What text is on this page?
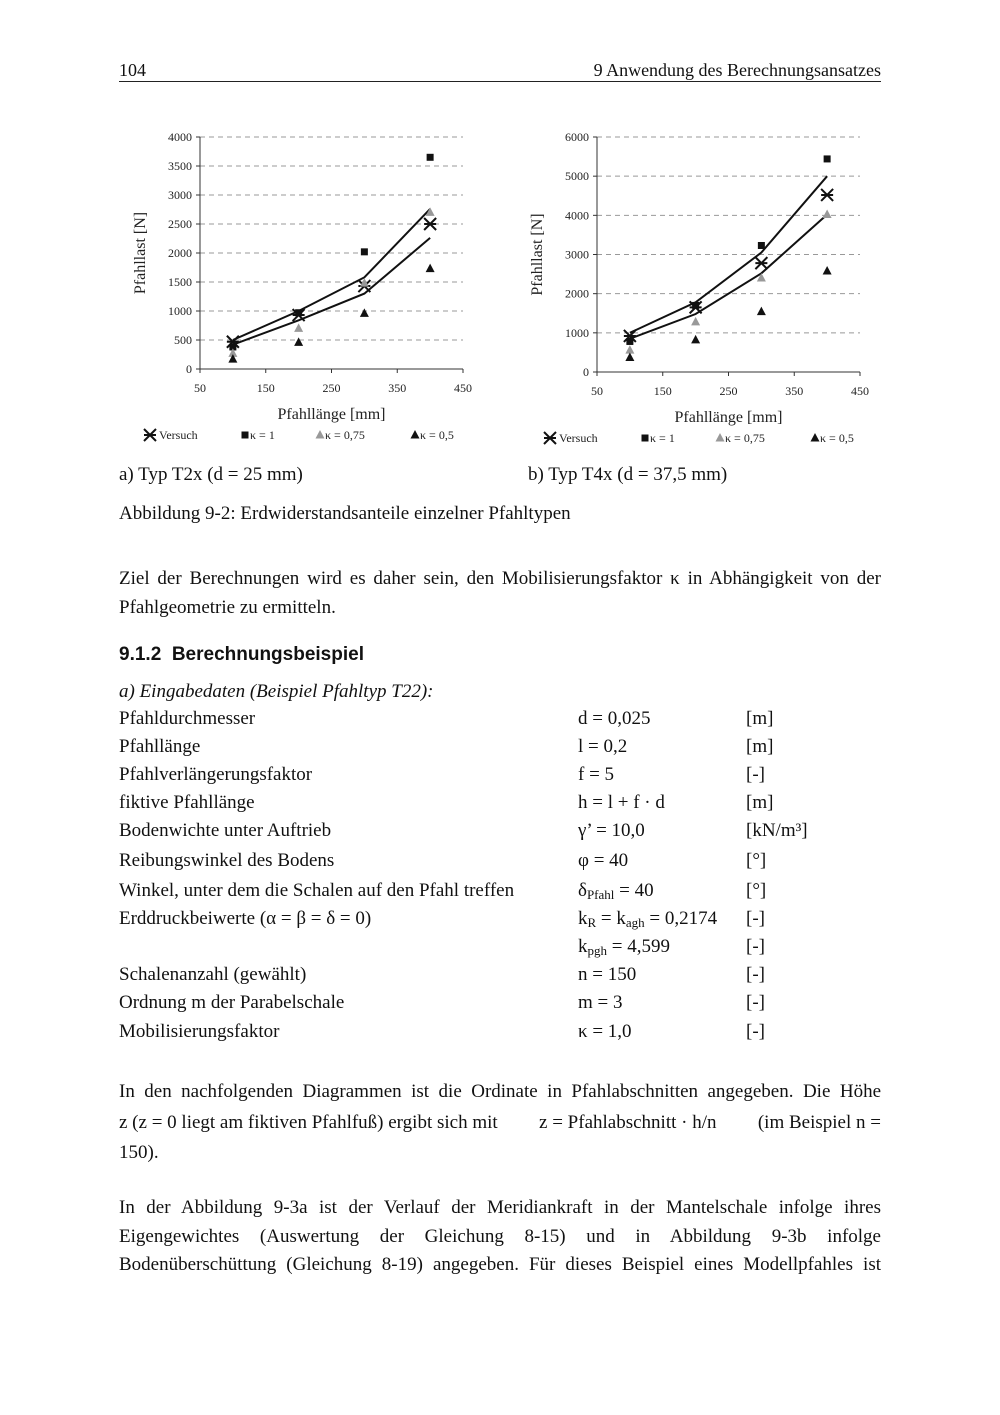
104	9 Anwendung des Berechnungsansatzes
0
500
1000
1500
2000
2500
3000
3500
4000
50	150	250	350	450
Pfahllänge [mm]
Pfahllast [N]
Versuch	κ = 1	κ = 0,75	κ = 0,5
0
1000
2000
3000
4000
5000
6000
50	150	250	350	450
Pfahllänge [mm]
Pfahllast [N]
Versuch	κ = 1	κ = 0,75	κ = 0,5
a) Typ T2x (d = 25 mm)	b) Typ T4x (d = 37,5 mm)
Abbildung 9-2: Erdwiderstandsanteile einzelner Pfahltypen
Ziel der Berechnungen wird es daher sein, den Mobilisierungsfaktor κ in Abhängigkeit von der Pfahlgeometrie zu ermitteln.
9.1.2  Berechnungsbeispiel
a) Eingabedaten (Beispiel Pfahltyp T22):
Pfahldurchmesser	d = 0,025	[m]
Pfahllänge	l = 0,2	[m]
Pfahlverlängerungsfaktor	f = 5	[-]
fiktive Pfahllänge	h = l + f · d	[m]
Bodenwichte unter Auftrieb	γ’ = 10,0	[kN/m³]
Reibungswinkel des Bodens	φ = 40	[°]
Winkel, unter dem die Schalen auf den Pfahl treffen	$\delta_{Pfahl} = 40$	[°]
Erddruckbeiwerte (α = β = δ = 0)	$k_R = k_{agh} = 0,2174$ [-]
$k_{pgh} = 4,599$	[-]
Schalenanzahl (gewählt)	n = 150	[-]
Ordnung m der Parabelschale	m = 3	[-]
Mobilisierungsfaktor	κ = 1,0	[-]
In den nachfolgenden Diagrammen ist die Ordinate in Pfahlabschnitten angegeben. Die Höhe
z (z = 0 liegt am fiktiven Pfahlfuß) ergibt sich mit z = Pfahlabschnitt · h/n (im Beispiel n =
150).
In der Abbildung 9-3a ist der Verlauf der Meridiankraft in der Mantelschale infolge ihres Eigengewichtes (Auswertung der Gleichung 8-15) und in Abbildung 9-3b infolge Bodenüberschüttung (Gleichung 8-19) angegeben. Für dieses Beispiel eines Modellpfahles ist
